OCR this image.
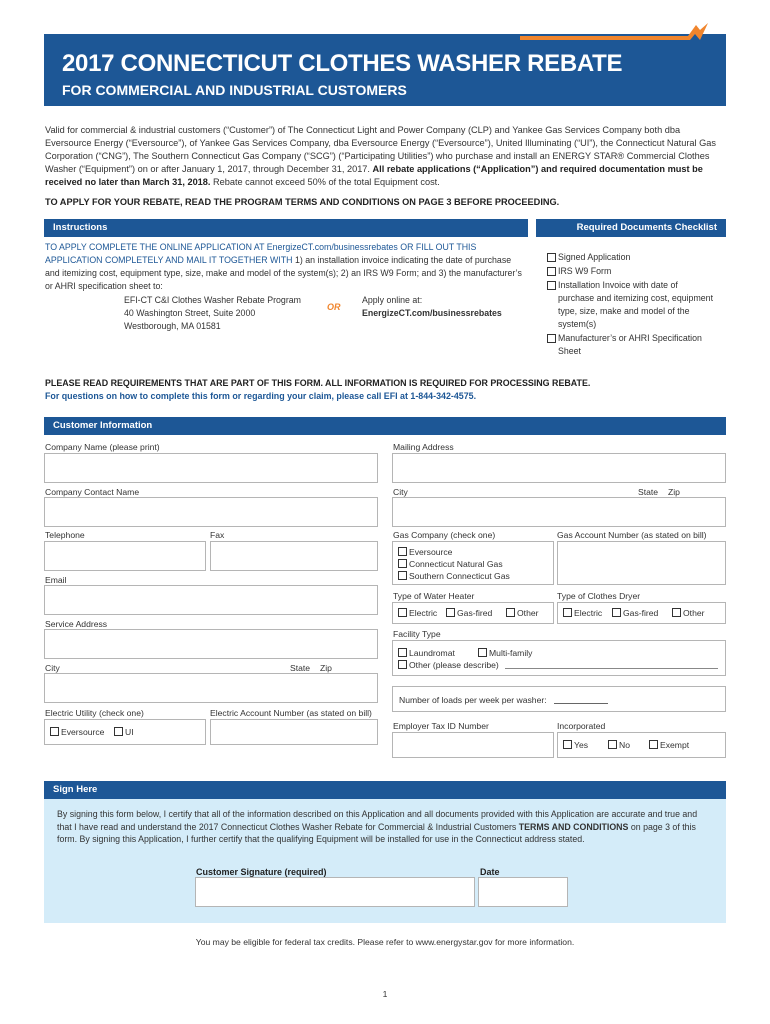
2017 CONNECTICUT CLOTHES WASHER REBATE
FOR COMMERCIAL AND INDUSTRIAL CUSTOMERS
Valid for commercial & industrial customers (“Customer”) of The Connecticut Light and Power Company (CLP) and Yankee Gas Services Company both dba Eversource Energy (“Eversource”), of Yankee Gas Services Company, dba Eversource Energy (“Eversource”), United Illuminating (“UI”), the Connecticut Natural Gas Corporation (“CNG”), The Southern Connecticut Gas Company (“SCG”) (“Participating Utilities”) who purchase and install an ENERGY STAR® Commercial Clothes Washer (“Equipment”) on or after January 1, 2017, through December 31, 2017. All rebate applications (“Application”) and required documentation must be received no later than March 31, 2018. Rebate cannot exceed 50% of the total Equipment cost.
TO APPLY FOR YOUR REBATE, READ THE PROGRAM TERMS AND CONDITIONS ON PAGE 3 BEFORE PROCEEDING.
Instructions	Required Documents Checklist
TO APPLY COMPLETE THE ONLINE APPLICATION AT EnergizeCT.com/businessrebates OR FILL OUT THIS APPLICATION COMPLETELY AND MAIL IT TOGETHER WITH 1) an installation invoice indicating the date of purchase and itemizing cost, equipment type, size, make and model of the system(s); 2) an IRS W9 Form; and 3) the manufacturer’s or AHRI specification sheet to:
EFI-CT C&I Clothes Washer Rebate Program
40 Washington Street, Suite 2000
Westborough, MA 01581
OR
Apply online at:
EnergizeCT.com/businessrebates
Signed Application
IRS W9 Form
Installation Invoice with date of purchase and itemizing cost, equipment type, size, make and model of the system(s)
Manufacturer’s or AHRI Specification Sheet
PLEASE READ REQUIREMENTS THAT ARE PART OF THIS FORM. ALL INFORMATION IS REQUIRED FOR PROCESSING REBATE.
For questions on how to complete this form or regarding your claim, please call EFI at 1-844-342-4575.
Customer Information
Company Name (please print)
Company Contact Name
Telephone	Fax
Email
Service Address
City	State Zip
Electric Utility (check one)	Electric Account Number (as stated on bill)
Eversource	UI
Mailing Address
City	State Zip
Gas Company (check one)	Gas Account Number (as stated on bill)
Eversource
Connecticut Natural Gas
Southern Connecticut Gas
Type of Water Heater	Type of Clothes Dryer
Electric	Gas-fired	Other	Electric	Gas-fired	Other
Facility Type
Laundromat	Multi-family
Other (please describe)
Number of loads per week per washer:
Employer Tax ID Number	Incorporated
Yes	No	Exempt
Sign Here
By signing this form below, I certify that all of the information described on this Application and all documents provided with this Application are accurate and true and that I have read and understand the 2017 Connecticut Clothes Washer Rebate for Commercial & Industrial Customers TERMS AND CONDITIONS on page 3 of this form. By signing this Application, I further certify that the qualifying Equipment will be installed for use in the Connecticut address stated.
Customer Signature (required)	Date
You may be eligible for federal tax credits. Please refer to www.energystar.gov for more information.
1
